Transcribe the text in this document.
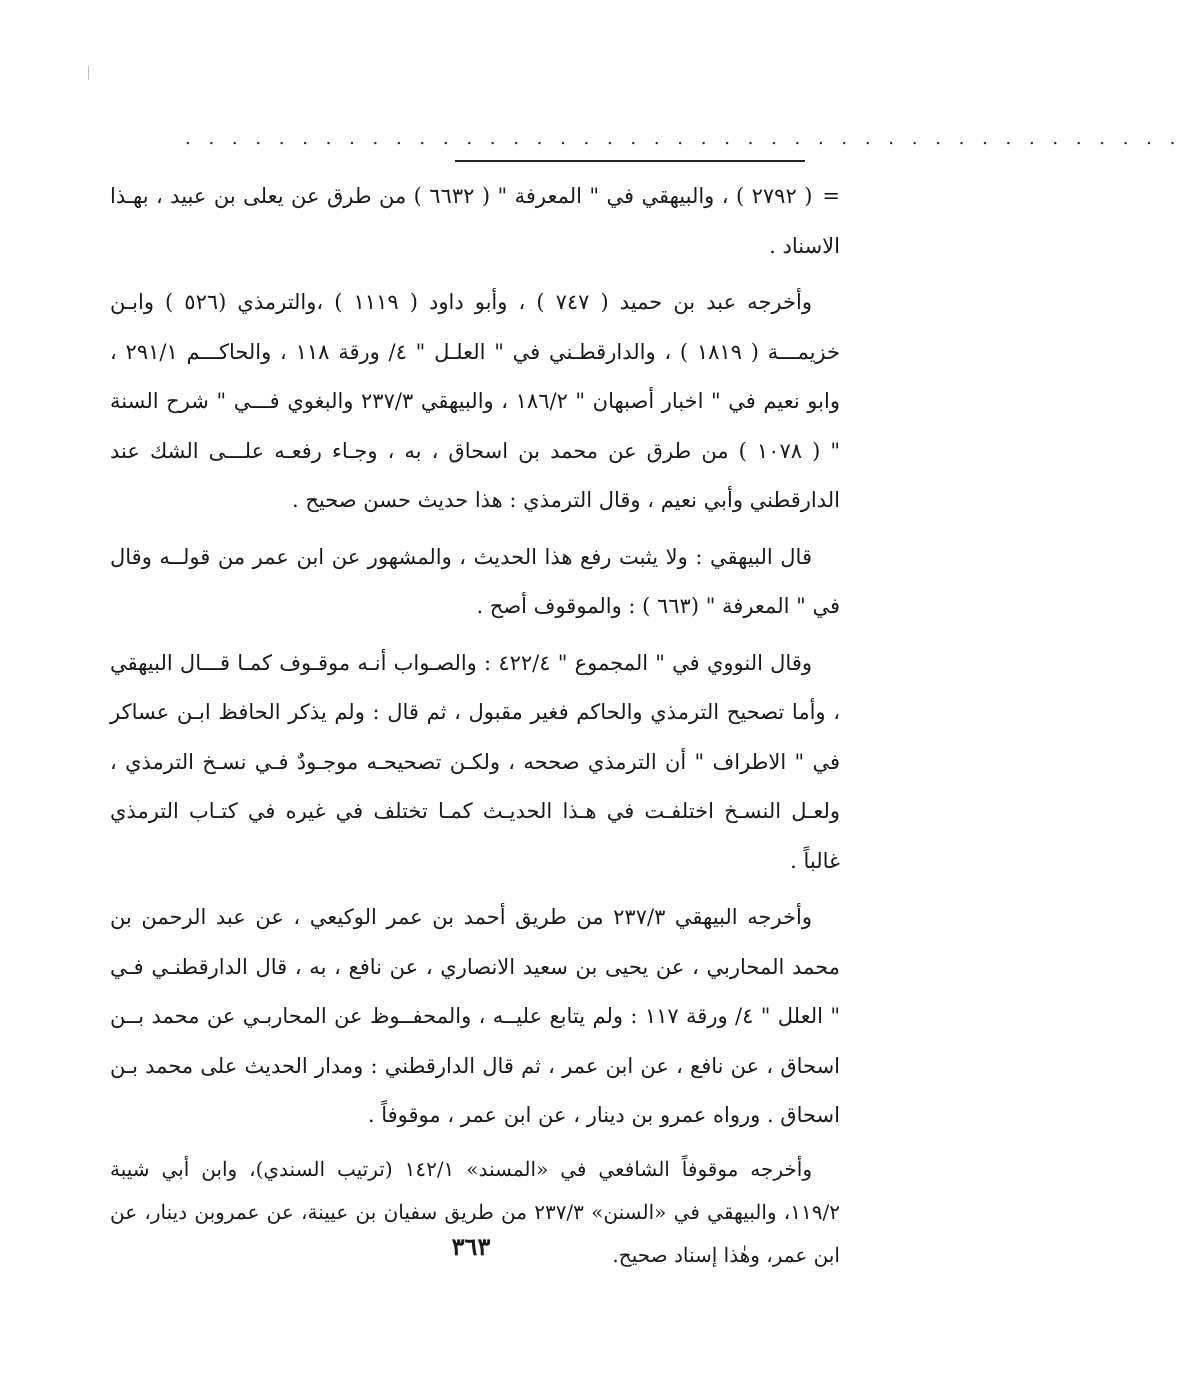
. . . . . . . . . . . . . . . . . . . . . . . . . . . . . . . . . . . . . . . . . . .

=( ٢٧٩٢ ) ، والبيهقي في " المعرفة " ( ٦٦٣٢ ) من طرق عن يعلى بن عبيد ، بهـذا الاسناد .

وأخرجه عبد بن حميد ( ٧٤٧ ) ، وأبو داود ( ١١١٩ ) ،والترمذي (٥٢٦ ) وابـن خزيمـــة ( ١٨١٩ ) ، والدارقطـني في " العلـل " ٤/ ورقة ١١٨ ، والحاكـــم ٢٩١/١ ، وابو نعيم في " اخبار أصبهان " ١٨٦/٢ ، والبيهقي ٢٣٧/٣ والبغوي فـــي " شرح السنة " ( ١٠٧٨ ) من طرق عن محمد بن اسحاق ، به ، وجـاء رفعـه علـــى الشك عند الدارقطني وأبي نعيم ، وقال الترمذي : هذا حديث حسن صحيح .

قال البيهقي : ولا يثبت رفع هذا الحديث ، والمشهور عن ابن عمر من قولــه وقال في " المعرفة " (٦٦٣ ) : والموقوف أصح .

وقال النووي في " المجموع " ٤٢٢/٤ : والصـواب أنـه موقـوف كمـا قـــال البيهقي ، وأما تصحيح الترمذي والحاكم فغير مقبول ، ثم قال : ولم يذكر الحافظ ابـن عساكر في " الاطراف " أن الترمذي صححه ، ولكـن تصحيحـه موجـودٌ فـي نسـخ الترمذي ، ولعـل النسـخ اختلفـت في هـذا الحديـث كمـا تختلف في غيره في كتـاب الترمذي غالباً .

وأخرجه البيهقي ٢٣٧/٣ من طريق أحمد بن عمر الوكيعي ، عن عبد الرحمن بن محمد المحاربي ، عن يحيى بن سعيد الانصاري ، عن نافع ، به ، قال الدارقطنـي فـي " العلل " ٤/ ورقة ١١٧ : ولم يتابع عليــه ، والمحفــوظ عن المحاربـي عن محمد بــن اسحاق ، عن نافع ، عن ابن عمر ، ثم قال الدارقطني : ومدار الحديث على محمد بـن اسحاق . ورواه عمرو بن دينار ، عن ابن عمر ، موقوفاً .

وأخرجه موقوفاً الشافعي في «المسند» ١٤٢/١ (ترتيب السندي)، وابن أبي شيبة ١١٩/٢، والبيهقي في «السنن» ٢٣٧/٣ من طريق سفيان بن عيينة، عن عمروبن دينار، عن ابن عمر، وهٰذا إسناد صحيح.

٣٦٣
